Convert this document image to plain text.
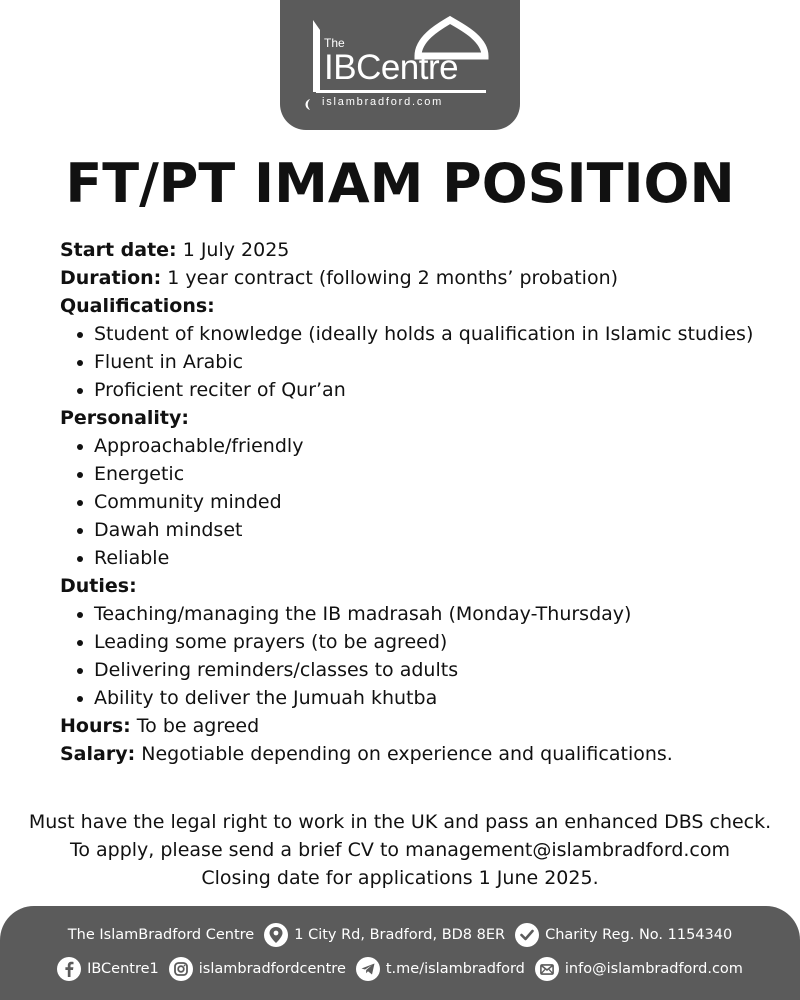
The
IBCentre
islambradford.com
FT/PT IMAM POSITION
Start date: 1 July 2025
Duration: 1 year contract (following 2 months’ probation)
Qualifications:
Student of knowledge (ideally holds a qualification in Islamic studies)
Fluent in Arabic
Proficient reciter of Qur’an
Personality:
Approachable/friendly
Energetic
Community minded
Dawah mindset
Reliable
Duties:
Teaching/managing the IB madrasah (Monday-Thursday)
Leading some prayers (to be agreed)
Delivering reminders/classes to adults
Ability to deliver the Jumuah khutba
Hours: To be agreed
Salary: Negotiable depending on experience and qualifications.
Must have the legal right to work in the UK and pass an enhanced DBS check.
To apply, please send a brief CV to management@islambradford.com
Closing date for applications 1 June 2025.
The IslamBradford Centre	1 City Rd, Bradford, BD8 8ER	Charity Reg. No. 1154340
IBCentre1	islambradfordcentre	t.me/islambradford	info@islambradford.com
